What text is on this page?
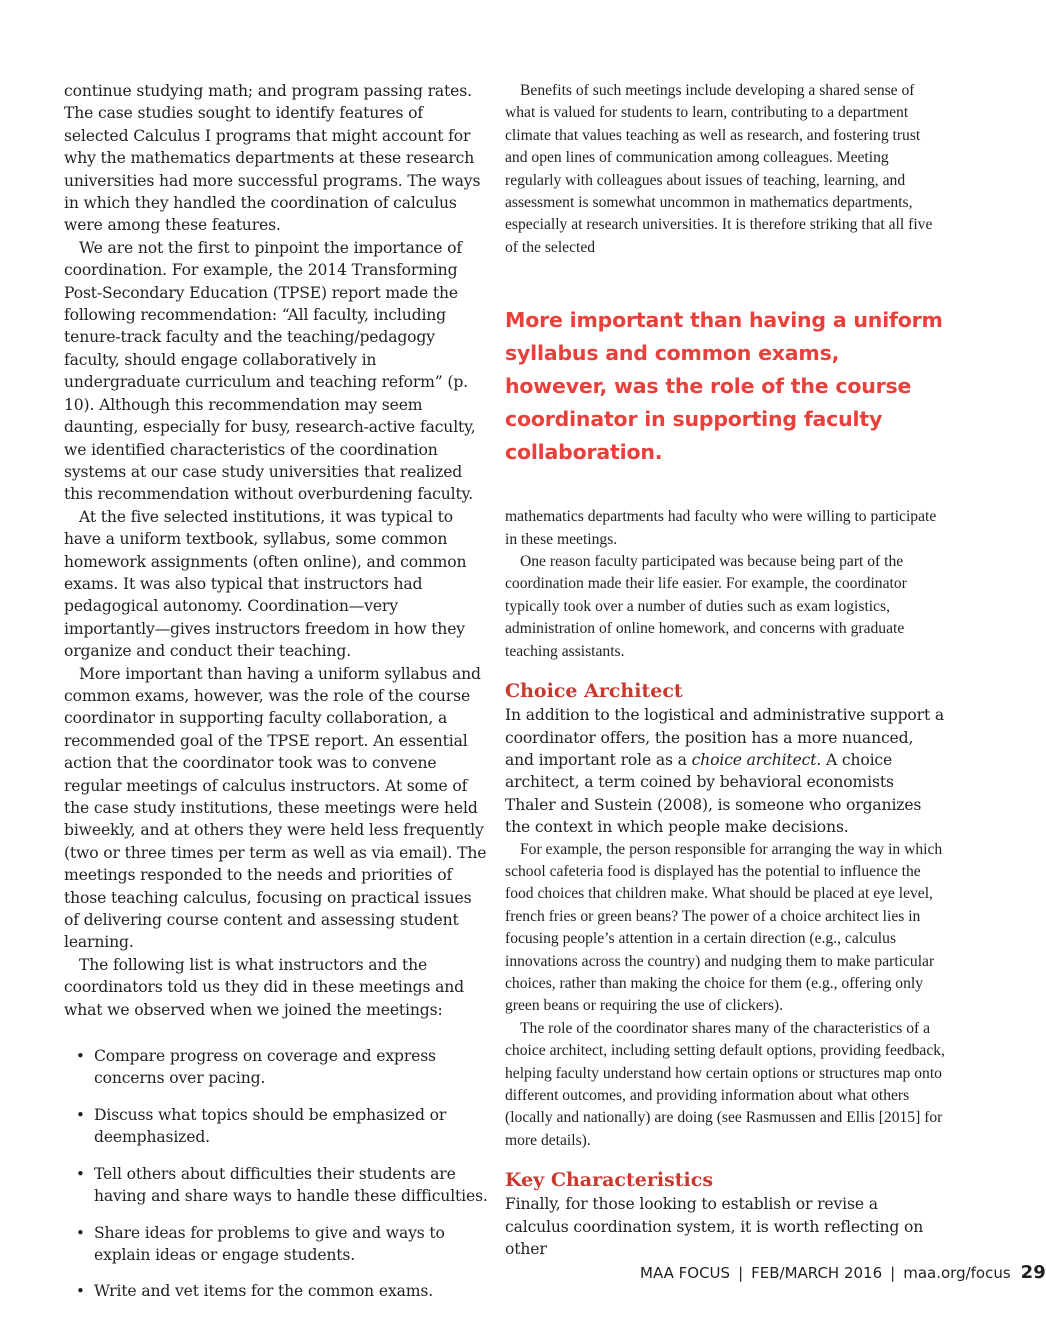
continue studying math; and program passing rates. The case studies sought to identify features of selected Calculus I programs that might account for why the mathematics departments at these research universities had more successful programs. The ways in which they handled the coordination of calculus were among these features.

We are not the first to pinpoint the importance of coordination. For example, the 2014 Transforming Post-Secondary Education (TPSE) report made the following recommendation: “All faculty, including tenure-track faculty and the teaching/pedagogy faculty, should engage collaboratively in undergraduate curriculum and teaching reform” (p. 10). Although this recommendation may seem daunting, especially for busy, research-active faculty, we identified characteristics of the coordination systems at our case study universities that realized this recommendation without overburdening faculty.

At the five selected institutions, it was typical to have a uniform textbook, syllabus, some common homework assignments (often online), and common exams. It was also typical that instructors had pedagogical autonomy. Coordination—very importantly—gives instructors freedom in how they organize and conduct their teaching.

More important than having a uniform syllabus and common exams, however, was the role of the course coordinator in supporting faculty collaboration, a recommended goal of the TPSE report. An essential action that the coordinator took was to convene regular meetings of calculus instructors. At some of the case study institutions, these meetings were held biweekly, and at others they were held less frequently (two or three times per term as well as via email). The meetings responded to the needs and priorities of those teaching calculus, focusing on practical issues of delivering course content and assessing student learning.

The following list is what instructors and the coordinators told us they did in these meetings and what we observed when we joined the meetings:

• Compare progress on coverage and express concerns over pacing.
• Discuss what topics should be emphasized or deemphasized.
• Tell others about difficulties their students are having and share ways to handle these difficulties.
• Share ideas for problems to give and ways to explain ideas or engage students.
• Write and vet items for the common exams.

Benefits of such meetings include developing a shared sense of what is valued for students to learn, contributing to a department climate that values teaching as well as research, and fostering trust and open lines of communication among colleagues. Meeting regularly with colleagues about issues of teaching, learning, and assessment is somewhat uncommon in mathematics departments, especially at research universities. It is therefore striking that all five of the selected

More important than having a uniform syllabus and common exams, however, was the role of the course coordinator in supporting faculty collaboration.

mathematics departments had faculty who were willing to participate in these meetings.

One reason faculty participated was because being part of the coordination made their life easier. For example, the coordinator typically took over a number of duties such as exam logistics, administration of online homework, and concerns with graduate teaching assistants.

Choice Architect

In addition to the logistical and administrative support a coordinator offers, the position has a more nuanced, and important role as a choice architect. A choice architect, a term coined by behavioral economists Thaler and Sustein (2008), is someone who organizes the context in which people make decisions.

For example, the person responsible for arranging the way in which school cafeteria food is displayed has the potential to influence the food choices that children make. What should be placed at eye level, french fries or green beans? The power of a choice architect lies in focusing people’s attention in a certain direction (e.g., calculus innovations across the country) and nudging them to make particular choices, rather than making the choice for them (e.g., offering only green beans or requiring the use of clickers).

The role of the coordinator shares many of the characteristics of a choice architect, including setting default options, providing feedback, helping faculty understand how certain options or structures map onto different outcomes, and providing information about what others (locally and nationally) are doing (see Rasmussen and Ellis [2015] for more details).

Key Characteristics

Finally, for those looking to establish or revise a calculus coordination system, it is worth reflecting on other

MAA FOCUS | FEB/MARCH 2016 | maa.org/focus 29
